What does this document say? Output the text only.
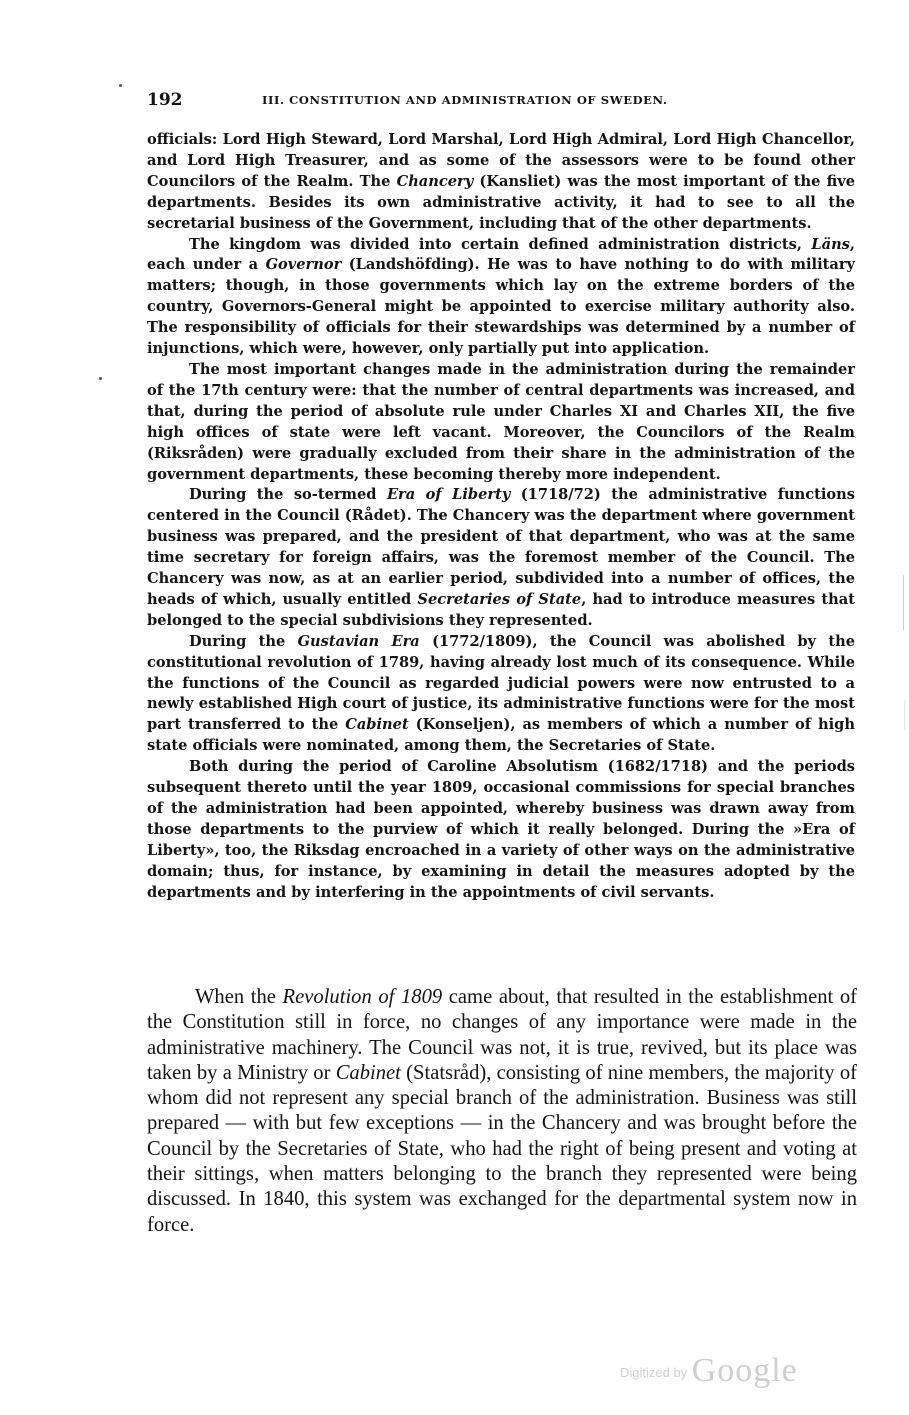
192	III. CONSTITUTION AND ADMINISTRATION OF SWEDEN.

officials: Lord High Steward, Lord Marshal, Lord High Admiral, Lord High Chancellor, and Lord High Treasurer, and as some of the assessors were to be found other Councilors of the Realm. The Chancery (Kansliet) was the most important of the five departments. Besides its own administrative activity, it had to see to all the secretarial business of the Government, including that of the other departments.

The kingdom was divided into certain defined administration districts, Läns, each under a Governor (Landshöfding). He was to have nothing to do with military matters; though, in those governments which lay on the extreme borders of the country, Governors-General might be appointed to exercise military authority also. The responsibility of officials for their stewardships was determined by a number of injunctions, which were, however, only partially put into application.

The most important changes made in the administration during the remainder of the 17th century were: that the number of central departments was increased, and that, during the period of absolute rule under Charles XI and Charles XII, the five high offices of state were left vacant. Moreover, the Councilors of the Realm (Riksråden) were gradually excluded from their share in the administration of the government departments, these becoming thereby more independent.

During the so-termed Era of Liberty (1718/72) the administrative functions centered in the Council (Rådet). The Chancery was the department where government business was prepared, and the president of that department, who was at the same time secretary for foreign affairs, was the foremost member of the Council. The Chancery was now, as at an earlier period, subdivided into a number of offices, the heads of which, usually entitled Secretaries of State, had to introduce measures that belonged to the special subdivisions they represented.

During the Gustavian Era (1772/1809), the Council was abolished by the constitutional revolution of 1789, having already lost much of its consequence. While the functions of the Council as regarded judicial powers were now entrusted to a newly established High court of justice, its administrative functions were for the most part transferred to the Cabinet (Konseljen), as members of which a number of high state officials were nominated, among them, the Secretaries of State.

Both during the period of Caroline Absolutism (1682/1718) and the periods subsequent thereto until the year 1809, occasional commissions for special branches of the administration had been appointed, whereby business was drawn away from those departments to the purview of which it really belonged. During the »Era of Liberty», too, the Riksdag encroached in a variety of other ways on the administrative domain; thus, for instance, by examining in detail the measures adopted by the departments and by interfering in the appointments of civil servants.

When the Revolution of 1809 came about, that resulted in the establishment of the Constitution still in force, no changes of any importance were made in the administrative machinery. The Council was not, it is true, revived, but its place was taken by a Ministry or Cabinet (Statsråd), consisting of nine members, the majority of whom did not represent any special branch of the administration. Business was still prepared — with but few exceptions — in the Chancery and was brought before the Council by the Secretaries of State, who had the right of being present and voting at their sittings, when matters belonging to the branch they represented were being discussed. In 1840, this system was exchanged for the departmental system now in force.

$^{Digitized by}$ Google
